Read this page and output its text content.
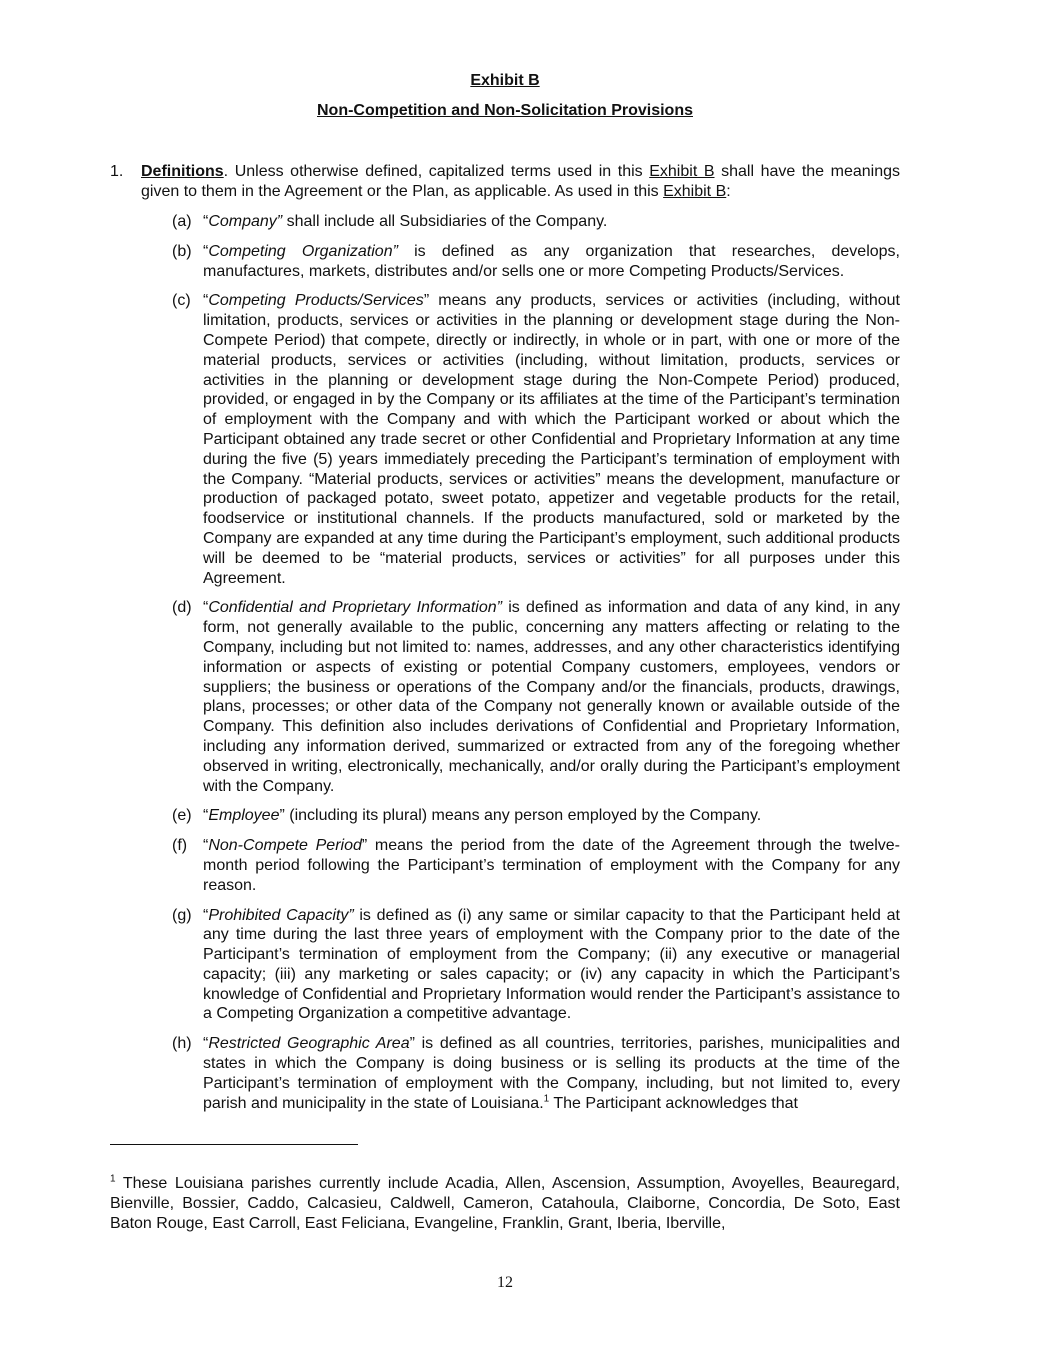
Exhibit B
Non-Competition and Non-Solicitation Provisions
1. Definitions. Unless otherwise defined, capitalized terms used in this Exhibit B shall have the meanings given to them in the Agreement or the Plan, as applicable. As used in this Exhibit B:
(a) “Company” shall include all Subsidiaries of the Company.
(b) “Competing Organization” is defined as any organization that researches, develops, manufactures, markets, distributes and/or sells one or more Competing Products/Services.
(c) “Competing Products/Services” means any products, services or activities (including, without limitation, products, services or activities in the planning or development stage during the Non-Compete Period) that compete, directly or indirectly, in whole or in part, with one or more of the material products, services or activities (including, without limitation, products, services or activities in the planning or development stage during the Non-Compete Period) produced, provided, or engaged in by the Company or its affiliates at the time of the Participant’s termination of employment with the Company and with which the Participant worked or about which the Participant obtained any trade secret or other Confidential and Proprietary Information at any time during the five (5) years immediately preceding the Participant’s termination of employment with the Company. “Material products, services or activities” means the development, manufacture or production of packaged potato, sweet potato, appetizer and vegetable products for the retail, foodservice or institutional channels. If the products manufactured, sold or marketed by the Company are expanded at any time during the Participant’s employment, such additional products will be deemed to be “material products, services or activities” for all purposes under this Agreement.
(d) “Confidential and Proprietary Information” is defined as information and data of any kind, in any form, not generally available to the public, concerning any matters affecting or relating to the Company, including but not limited to: names, addresses, and any other characteristics identifying information or aspects of existing or potential Company customers, employees, vendors or suppliers; the business or operations of the Company and/or the financials, products, drawings, plans, processes; or other data of the Company not generally known or available outside of the Company. This definition also includes derivations of Confidential and Proprietary Information, including any information derived, summarized or extracted from any of the foregoing whether observed in writing, electronically, mechanically, and/or orally during the Participant’s employment with the Company.
(e) “Employee” (including its plural) means any person employed by the Company.
(f) “Non-Compete Period” means the period from the date of the Agreement through the twelve-month period following the Participant’s termination of employment with the Company for any reason.
(g) “Prohibited Capacity” is defined as (i) any same or similar capacity to that the Participant held at any time during the last three years of employment with the Company prior to the date of the Participant’s termination of employment from the Company; (ii) any executive or managerial capacity; (iii) any marketing or sales capacity; or (iv) any capacity in which the Participant’s knowledge of Confidential and Proprietary Information would render the Participant’s assistance to a Competing Organization a competitive advantage.
(h) “Restricted Geographic Area” is defined as all countries, territories, parishes, municipalities and states in which the Company is doing business or is selling its products at the time of the Participant’s termination of employment with the Company, including, but not limited to, every parish and municipality in the state of Louisiana.$^1$ The Participant acknowledges that
$^1$ These Louisiana parishes currently include Acadia, Allen, Ascension, Assumption, Avoyelles, Beauregard, Bienville, Bossier, Caddo, Calcasieu, Caldwell, Cameron, Catahoula, Claiborne, Concordia, De Soto, East Baton Rouge, East Carroll, East Feliciana, Evangeline, Franklin, Grant, Iberia, Iberville,
12
